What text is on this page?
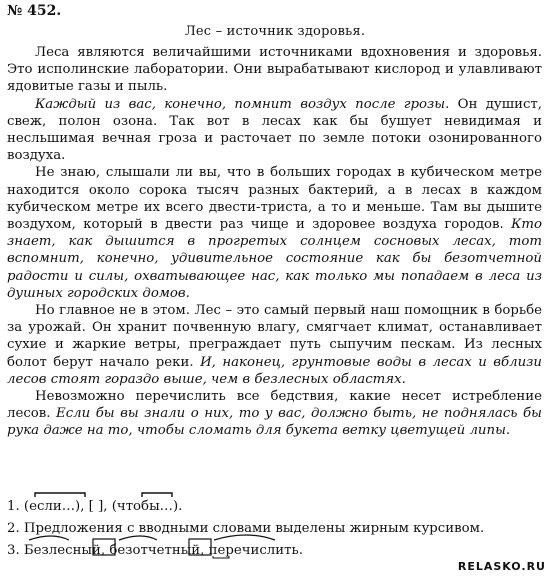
№ 452.
Лес – источник здоровья.

Леса являются величайшими источниками вдохновения и здоровья. Это исполинские лаборатории. Они вырабатывают кислород и улавливают ядовитые газы и пыль.

Каждый из вас, конечно, помнит воздух после грозы. Он душист, свеж, полон озона. Так вот в лесах как бы бушует невидимая и несльшимая вечная гроза и расточает по земле потоки озонированного воздуха.

Не знаю, слышали ли вы, что в больших городах в кубическом метре находится около сорока тысяч разных бактерий, а в лесах в каждом кубическом метре их всего двести-триста, а то и меньше. Там вы дышите воздухом, который в двести раз чище и здоровее воздуха городов. Кто знает, как дышится в прогретых солнцем сосновых лесах, тот вспомнит, конечно, удивительное состояние как бы безотчетной радости и силы, охватывающее нас, как только мы попадаем в леса из душных городских домов.

Но главное не в этом. Лес – это самый первый наш помощник в борьбе за урожай. Он хранит почвенную влагу, смягчает климат, останавливает сухие и жаркие ветры, преграждает путь сыпучим пескам. Из лесных болот берут начало реки. И, наконец, грунтовые воды в лесах и вблизи лесов стоят гораздо выше, чем в безлесных областях.

Невозможно перечислить все бедствия, какие несет истребление лесов. Если бы вы знали о них, то у вас, должно быть, не поднялась бы рука даже на то, чтобы сломать для букета ветку цветущей липы.

1. (если…), [ ], (чтобы…).
2. Предложения с вводными словами выделены жирным курсивом.
3. Безлесный, безотчетный, перечислить.
RELASKO.RU
